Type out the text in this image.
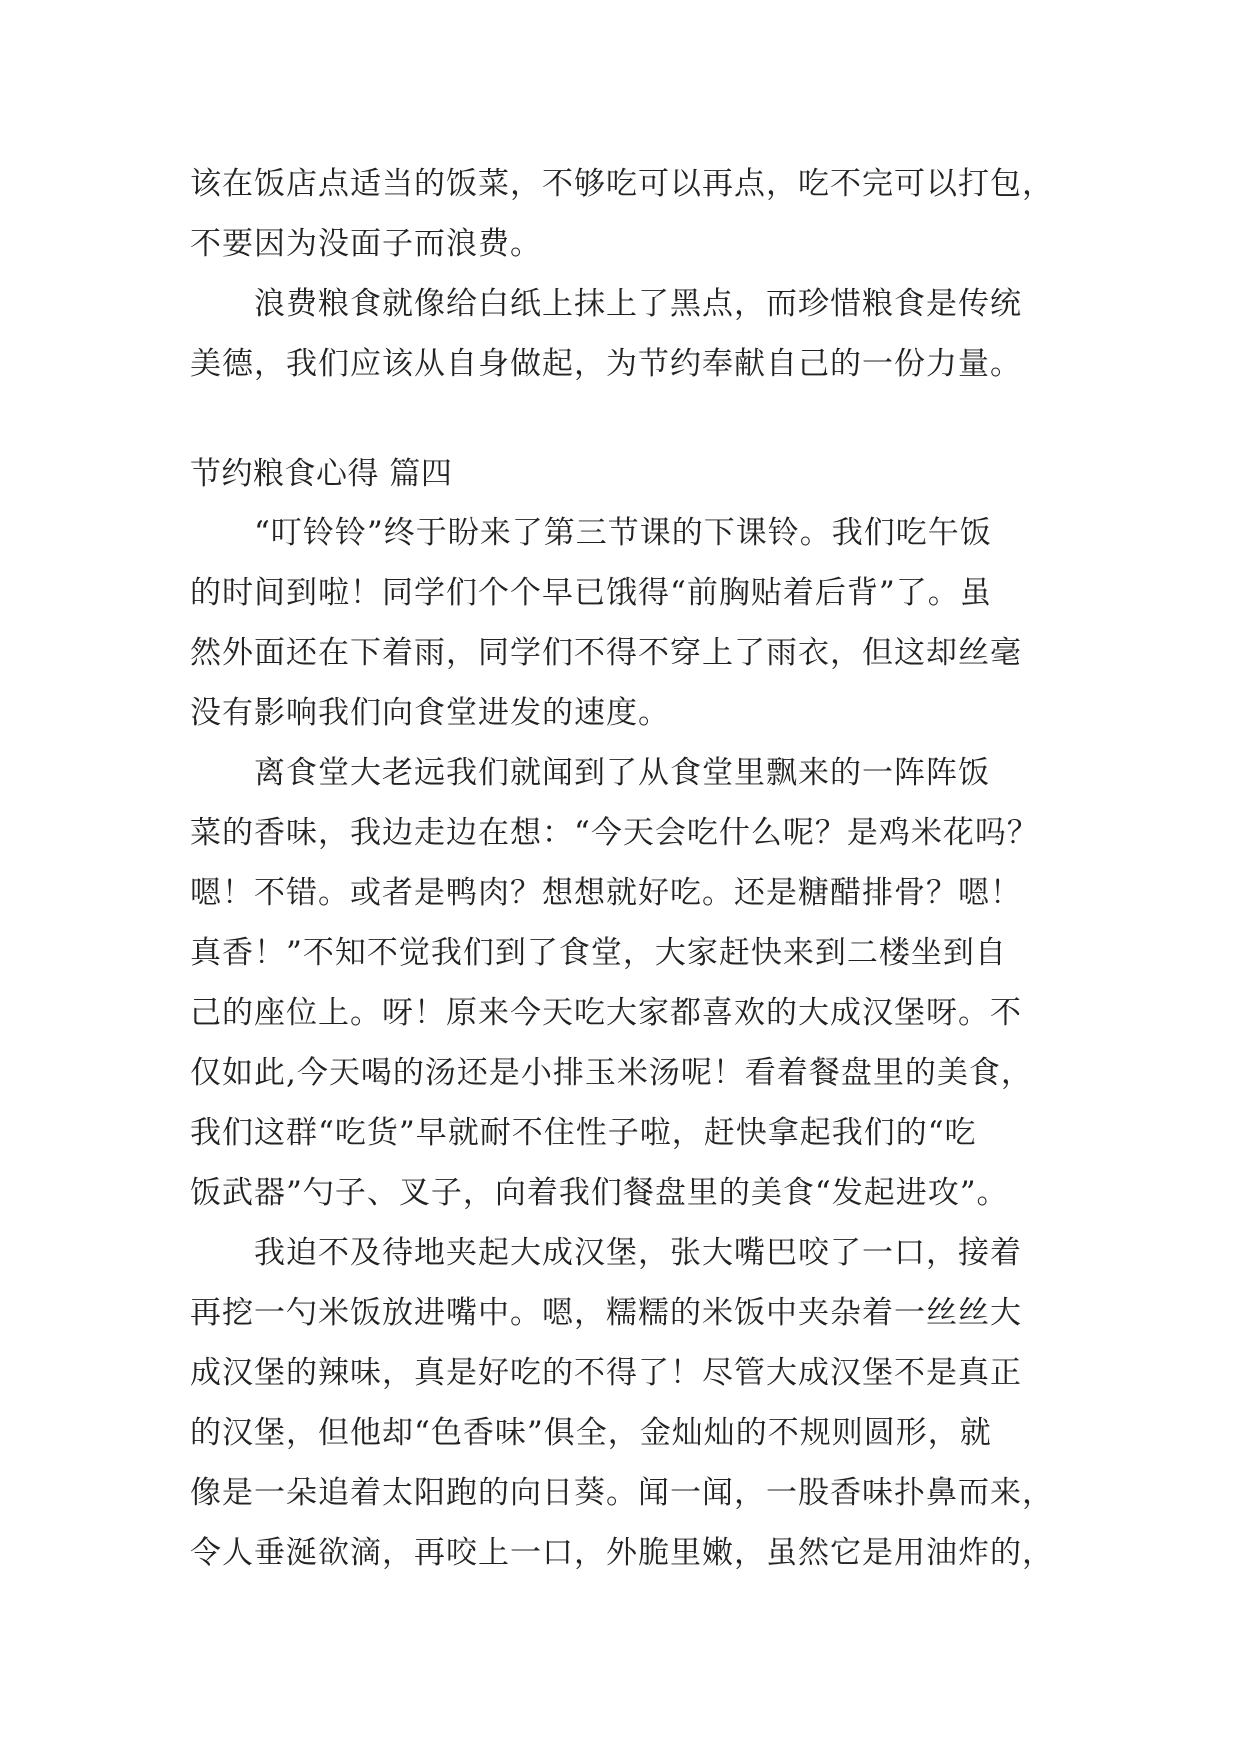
该在饭店点适当的饭菜，不够吃可以再点，吃不完可以打包，
不要因为没面子而浪费。
　　浪费粮食就像给白纸上抹上了黑点，而珍惜粮食是传统
美德，我们应该从自身做起，为节约奉献自己的一份力量。
节约粮食心得 篇四
　　“叮铃铃”终于盼来了第三节课的下课铃。我们吃午饭
的时间到啦！同学们个个早已饿得“前胸贴着后背”了。虽
然外面还在下着雨，同学们不得不穿上了雨衣，但这却丝毫
没有影响我们向食堂进发的速度。
　　离食堂大老远我们就闻到了从食堂里飘来的一阵阵饭
菜的香味，我边走边在想：“今天会吃什么呢？是鸡米花吗？
嗯！不错。或者是鸭肉？想想就好吃。还是糖醋排骨？嗯！
真香！”不知不觉我们到了食堂，大家赶快来到二楼坐到自
己的座位上。呀！原来今天吃大家都喜欢的大成汉堡呀。不
仅如此,今天喝的汤还是小排玉米汤呢！看着餐盘里的美食，
我们这群“吃货”早就耐不住性子啦，赶快拿起我们的“吃
饭武器”勺子、叉子，向着我们餐盘里的美食“发起进攻”。
　　我迫不及待地夹起大成汉堡，张大嘴巴咬了一口，接着
再挖一勺米饭放进嘴中。嗯，糯糯的米饭中夹杂着一丝丝大
成汉堡的辣味，真是好吃的不得了！尽管大成汉堡不是真正
的汉堡，但他却“色香味”俱全，金灿灿的不规则圆形，就
像是一朵追着太阳跑的向日葵。闻一闻，一股香味扑鼻而来，
令人垂涎欲滴，再咬上一口，外脆里嫩，虽然它是用油炸的，
